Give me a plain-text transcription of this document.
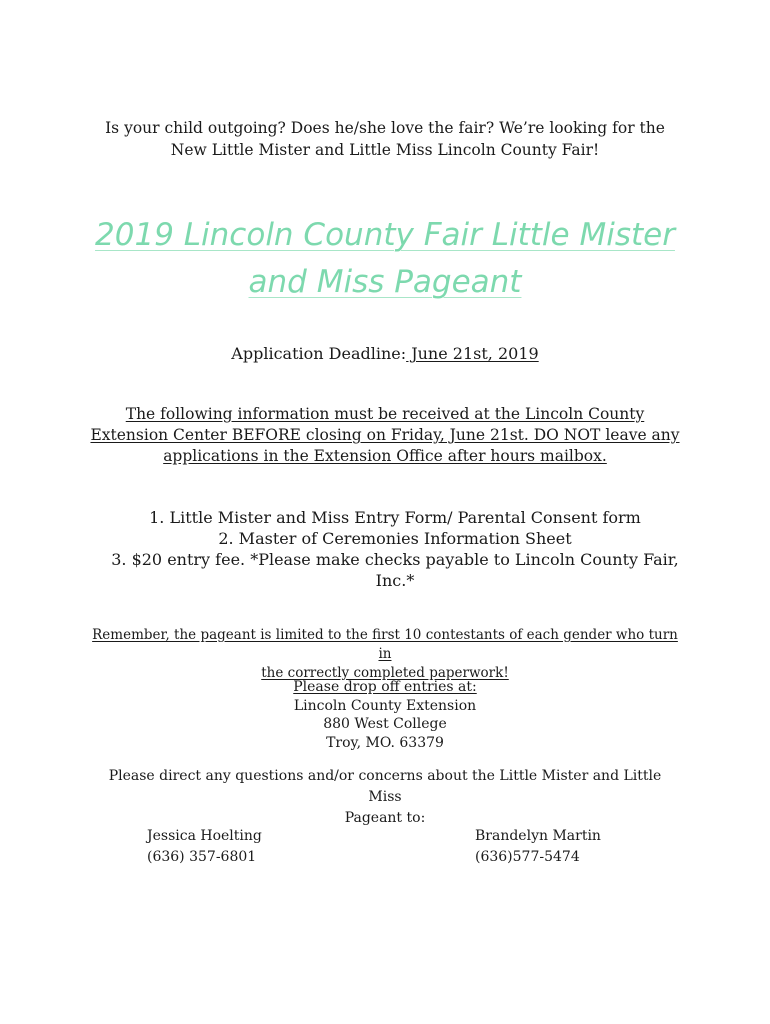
Is your child outgoing? Does he/she love the fair? We’re looking for the
New Little Mister and Little Miss Lincoln County Fair!
2019 Lincoln County Fair Little Mister
and Miss Pageant
Application Deadline: June 21st, 2019
The following information must be received at the Lincoln County
Extension Center BEFORE closing on Friday, June 21st. DO NOT leave any
applications in the Extension Office after hours mailbox.
1. Little Mister and Miss Entry Form/ Parental Consent form
2. Master of Ceremonies Information Sheet
3. $20 entry fee. *Please make checks payable to Lincoln County Fair,
Inc.*
Remember, the pageant is limited to the first 10 contestants of each gender who turn in
the correctly completed paperwork!
Please drop off entries at:
Lincoln County Extension
880 West College
Troy, MO. 63379
Please direct any questions and/or concerns about the Little Mister and Little Miss
Pageant to:
Jessica Hoelting
(636) 357-6801
Brandelyn Martin
(636)577-5474
